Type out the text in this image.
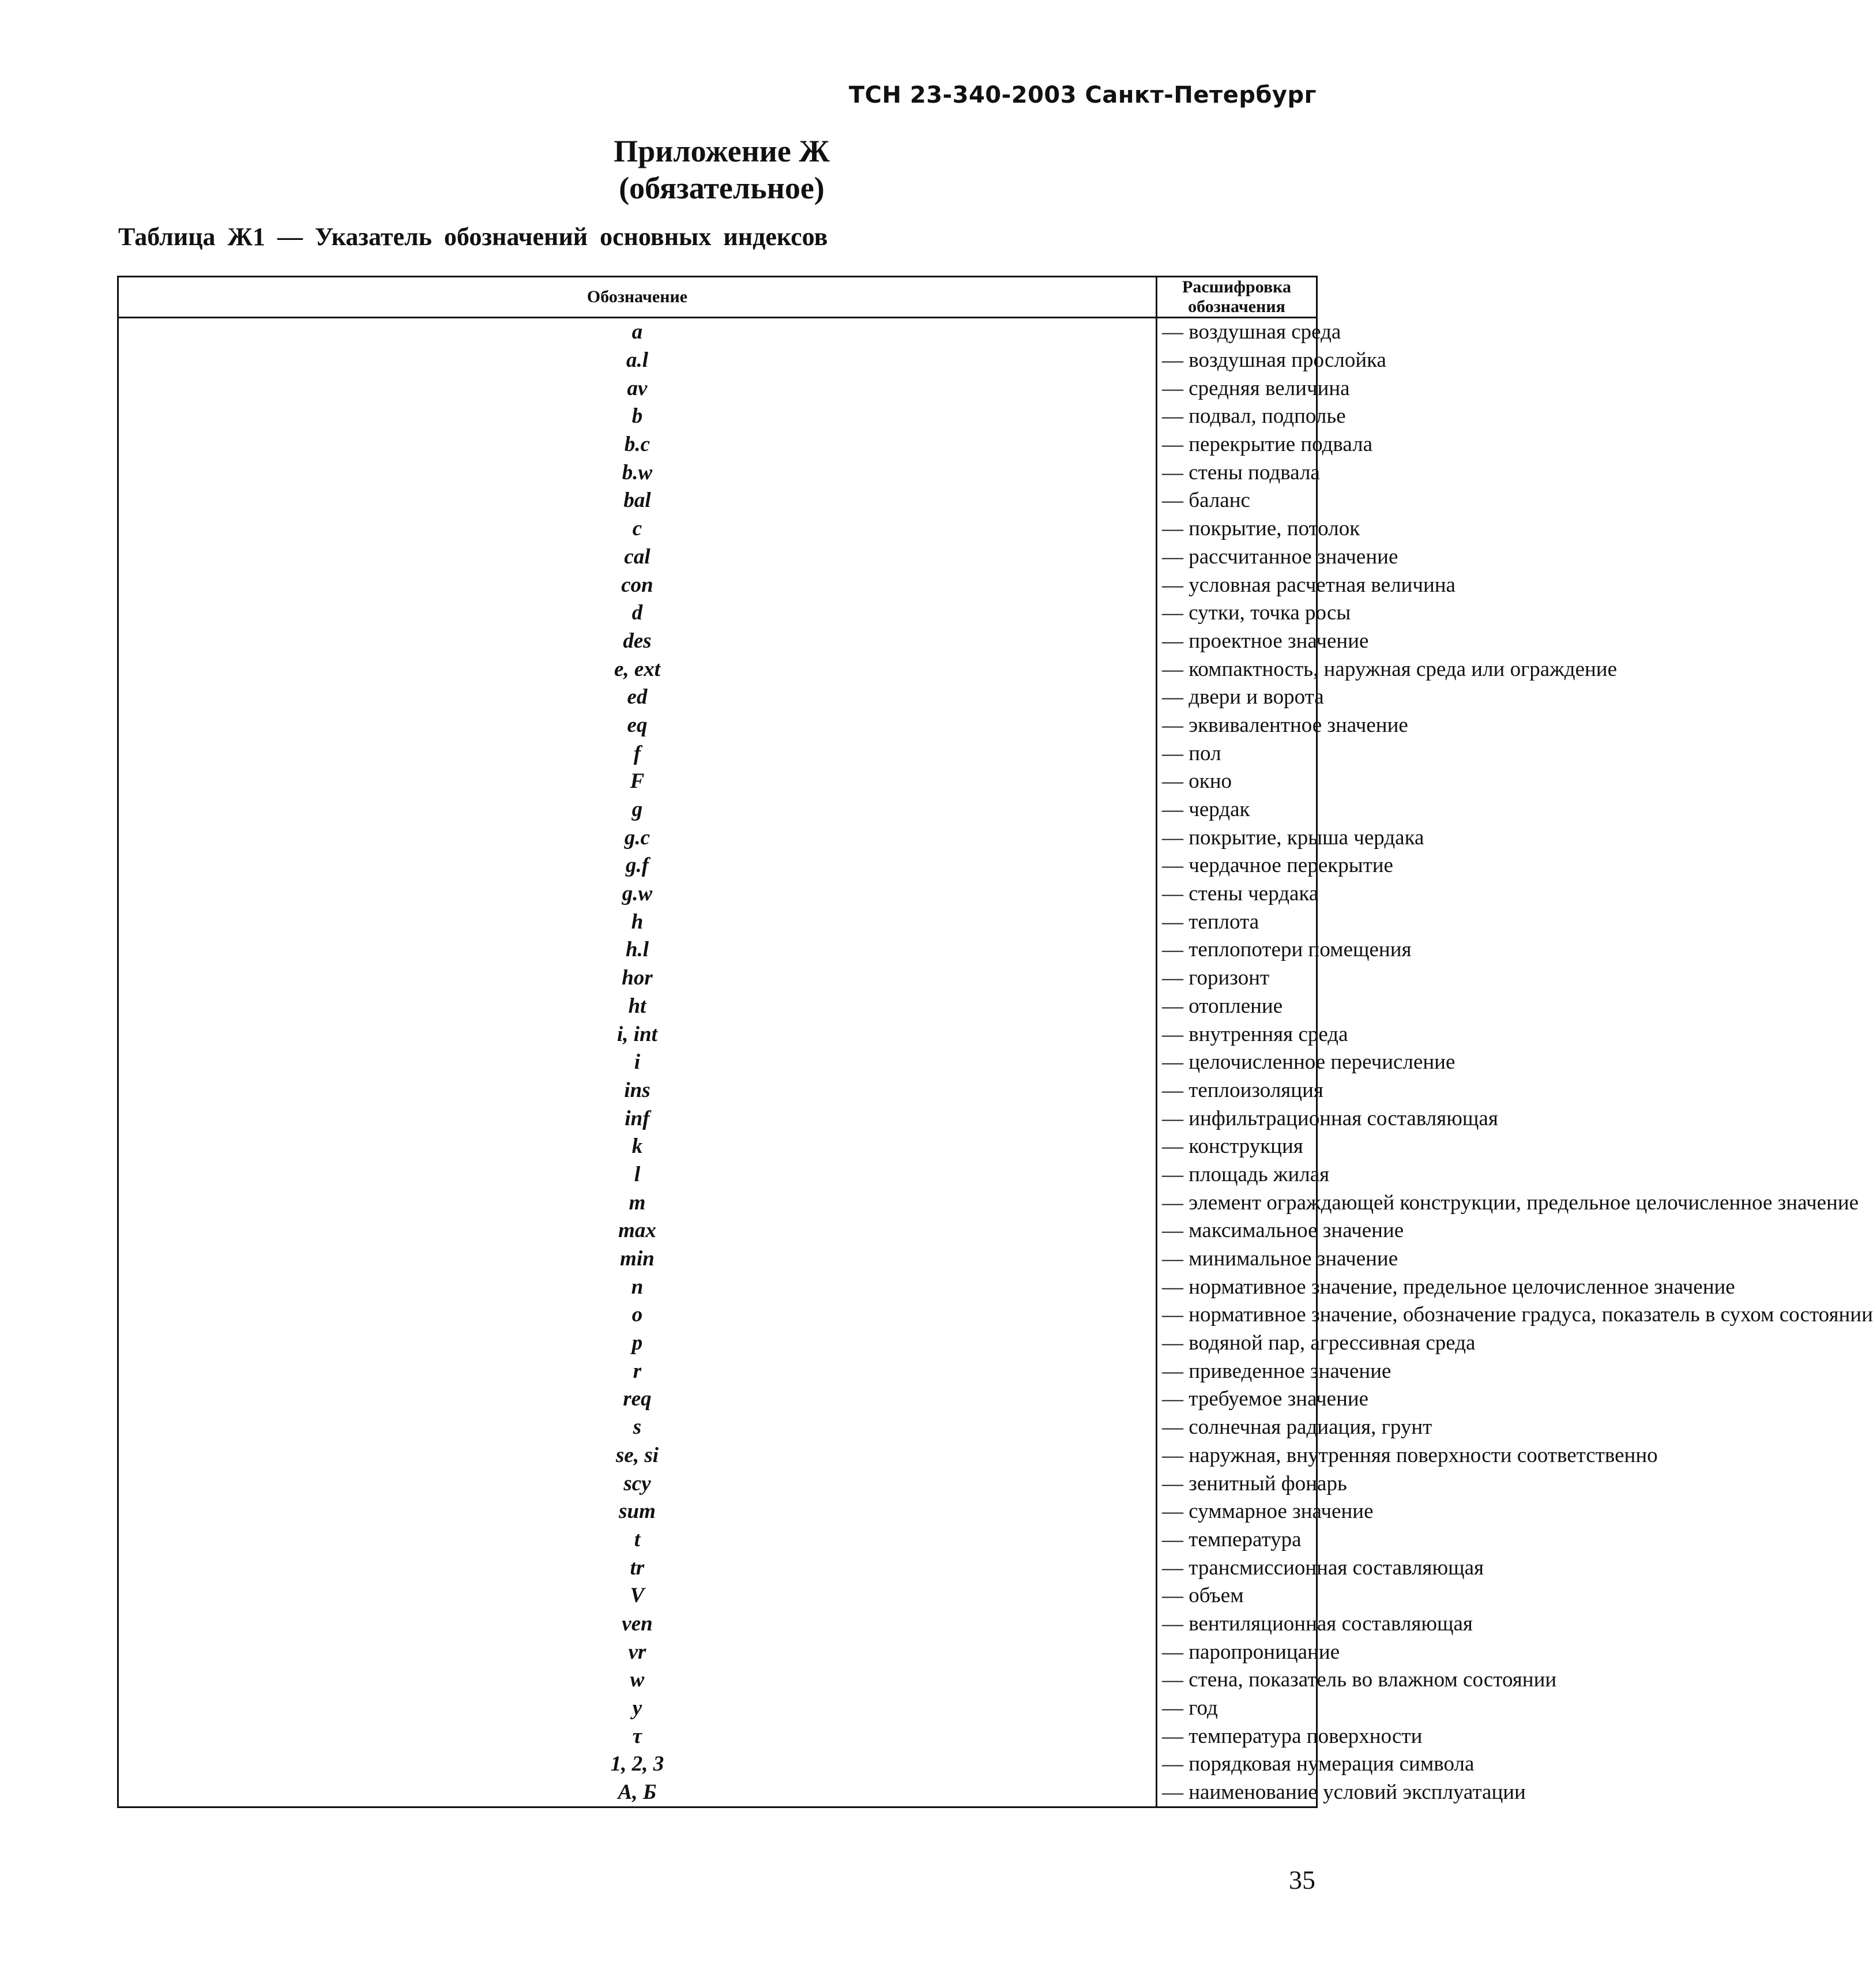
ТСН 23-340-2003 Санкт-Петербург
Приложение Ж
(обязательное)
Таблица Ж1 — Указатель обозначений основных индексов
Обозначение	Расшифровка обозначения
a	— воздушная среда
a.l	— воздушная прослойка
av	— средняя величина
b	— подвал, подполье
b.c	— перекрытие подвала
b.w	— стены подвала
bal	— баланс
c	— покрытие, потолок
cal	— рассчитанное значение
con	— условная расчетная величина
d	— сутки, точка росы
des	— проектное значение
e, ext	— компактность, наружная среда или ограждение
ed	— двери и ворота
eq	— эквивалентное значение
f	— пол
F	— окно
g	— чердак
g.c	— покрытие, крыша чердака
g.f	— чердачное перекрытие
g.w	— стены чердака
h	— теплота
h.l	— теплопотери помещения
hor	— горизонт
ht	— отопление
i, int	— внутренняя среда
i	— целочисленное перечисление
ins	— теплоизоляция
inf	— инфильтрационная составляющая
k	— конструкция
l	— площадь жилая
m	— элемент ограждающей конструкции, предельное целочисленное значение
max	— максимальное значение
min	— минимальное значение
n	— нормативное значение, предельное целочисленное значение
o	— нормативное значение, обозначение градуса, показатель в сухом состоянии
p	— водяной пар, агрессивная среда
r	— приведенное значение
req	— требуемое значение
s	— солнечная радиация, грунт
se, si	— наружная, внутренняя поверхности соответственно
scy	— зенитный фонарь
sum	— суммарное значение
t	— температура
tr	— трансмиссионная составляющая
V	— объем
ven	— вентиляционная составляющая
vr	— паропроницание
w	— стена, показатель во влажном состоянии
y	— год
τ	— температура поверхности
1, 2, 3	— порядковая нумерация символа
А, Б	— наименование условий эксплуатации
35
